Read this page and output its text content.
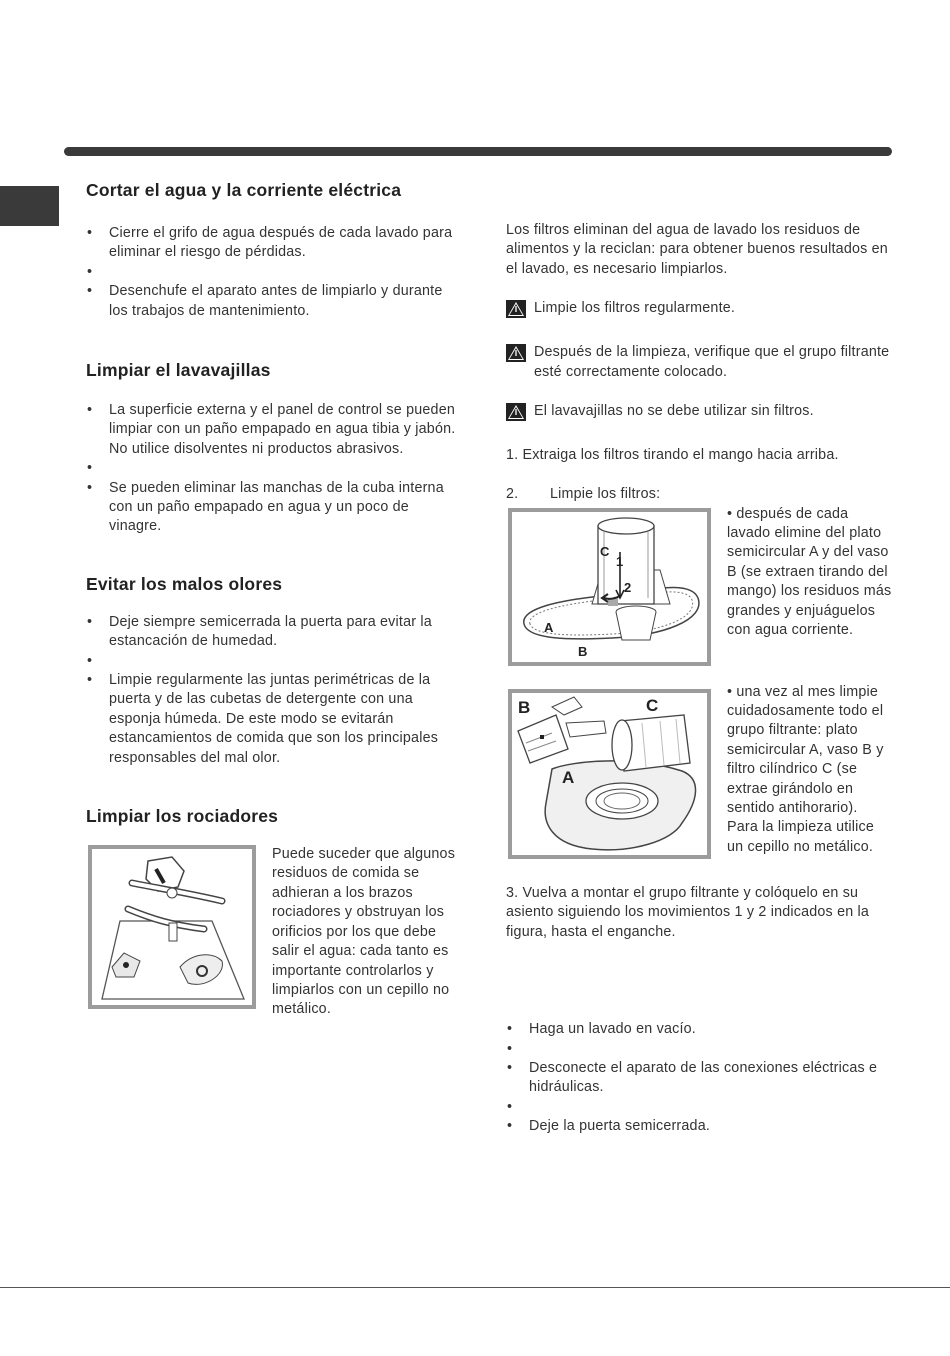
Cortar el agua y la corriente eléctrica
• Cierre el grifo de agua después de cada lavado para eliminar el riesgo de pérdidas.
•
• Desenchufe el aparato antes de limpiarlo y durante los trabajos de mantenimiento.
Limpiar el lavavajillas
• La superficie externa y el panel de control se pueden limpiar con un paño empapado en agua tibia y jabón. No utilice disolventes ni productos abrasivos.
•
• Se pueden eliminar las manchas de la cuba interna con un paño empapado en agua y un poco de vinagre.
Evitar los malos olores
• Deje siempre semicerrada la puerta para evitar la estancación de humedad.
•
• Limpie regularmente las juntas perimétricas de la puerta y de las cubetas de detergente con una esponja húmeda. De este modo se evitarán estancamientos de comida que son los principales responsables del mal olor.
Limpiar los rociadores

Puede suceder que algunos residuos de comida se adhieran a los brazos rociadores y obstruyan los orificios por los que debe salir el agua: cada tanto es importante controlarlos y limpiarlos con un cepillo no metálico.

Los filtros eliminan del agua de lavado los residuos de alimentos y la reciclan: para obtener buenos resultados en el lavado, es necesario limpiarlos.

Limpie los filtros regularmente.
Después de la limpieza, verifique que el grupo filtrante esté correctamente colocado.
El lavavajillas no se debe utilizar sin filtros.

1. Extraiga los filtros tirando el mango hacia arriba.

2.	Limpie los filtros:
C
1
2
A
B

• después de cada lavado elimine del plato semicircular A y del vaso B (se extraen tirando del mango) los residuos más grandes y enjuáguelos con agua corriente.

B	C
A

• una vez al mes limpie cuidadosamente todo el grupo filtrante: plato semicircular A, vaso B y filtro cilíndrico C (se extrae girándolo en sentido antihorario). Para la limpieza utilice un cepillo no metálico.

3. Vuelva a montar el grupo filtrante y colóquelo en su asiento siguiendo los movimientos 1 y 2 indicados en la figura, hasta el enganche.

• Haga un lavado en vacío.
•
• Desconecte el aparato de las conexiones eléctricas e hidráulicas.
•
• Deje la puerta semicerrada.
